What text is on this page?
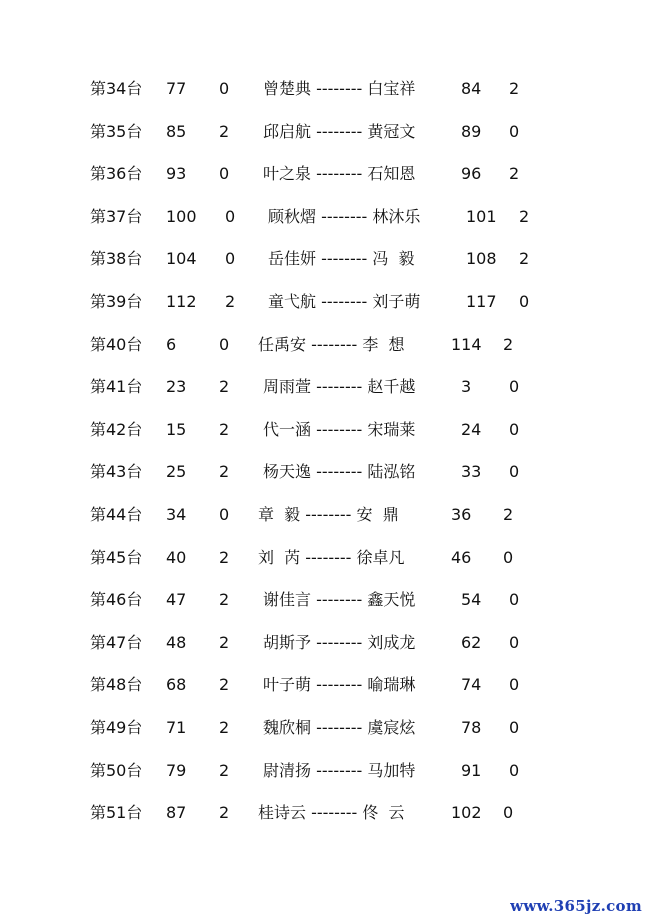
第34台 77 0 曾楚典 -------- 白宝祥	84 2
第35台 85 2 邱启航 -------- 黄冠文	89 0
第36台 93 0 叶之泉 -------- 石知恩	96 2
第37台 100 0 顾秋熠 -------- 林沐乐	101 2
第38台 104 0 岳佳妍 -------- 冯  毅	108 2
第39台 112 2 童弋航 -------- 刘子萌	117 0
第40台 6	0 任禹安 -------- 李  想	114 2
第41台 23 2 周雨萱 -------- 赵千越	3 0
第42台 15 2 代一涵 -------- 宋瑞莱	24 0
第43台 25 2 杨天逸 -------- 陆泓铭	33 0
第44台 34 0 章  毅 -------- 安  鼎	36 2
第45台 40 2 刘  芮 -------- 徐卓凡	46 0
第46台 47 2 谢佳言 -------- 鑫天悦	54 0
第47台 48 2 胡斯予 -------- 刘成龙	62 0
第48台 68 2 叶子萌 -------- 喻瑞琳	74 0
第49台 71 2 魏欣桐 -------- 虞宸炫	78 0
第50台 79 2 尉清扬 -------- 马加特	91 0
第51台 87 2 桂诗云 -------- 佟  云	102 0
www.365jz.com
